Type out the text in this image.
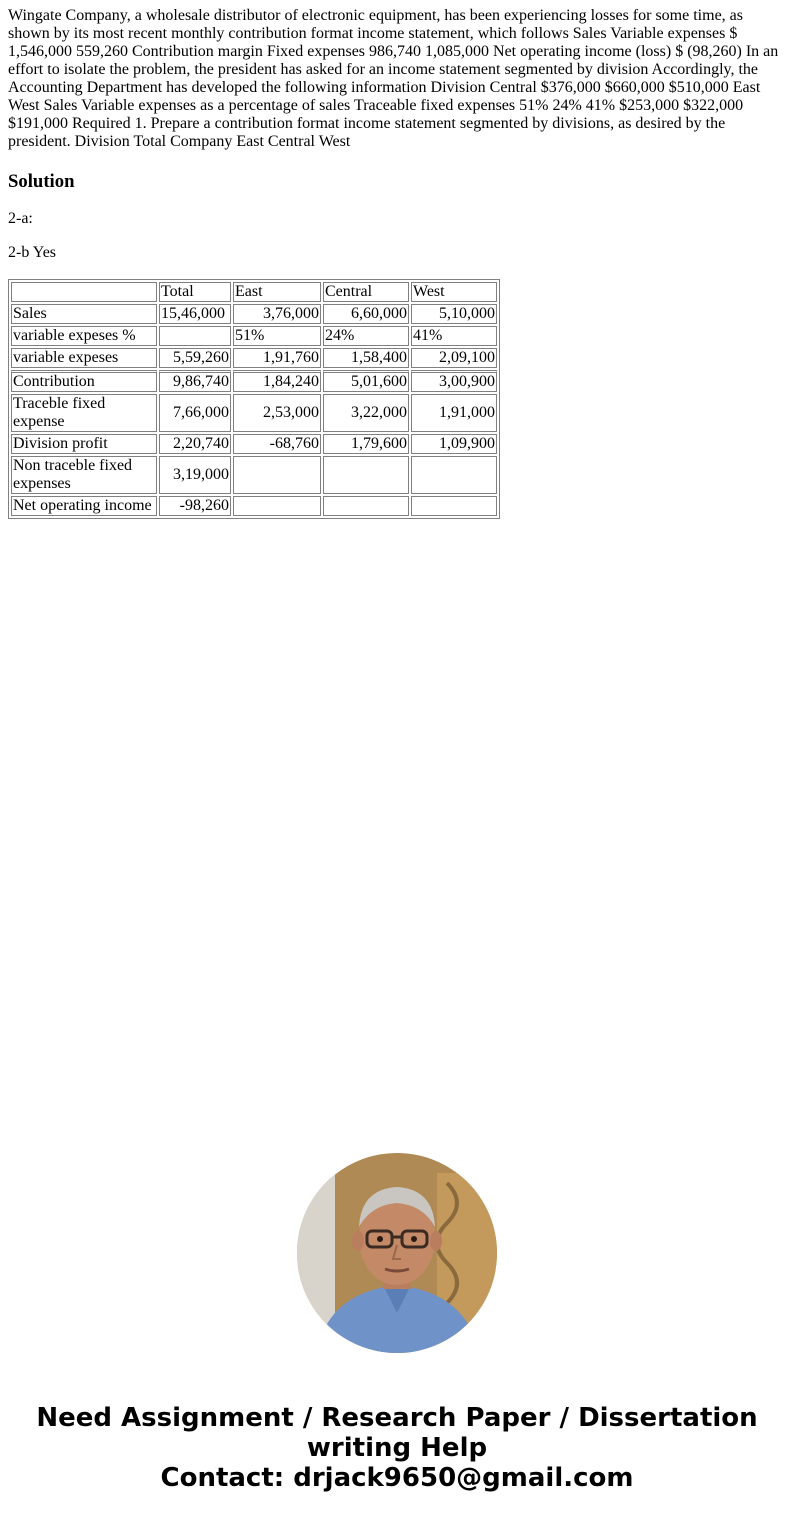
Wingate Company, a wholesale distributor of electronic equipment, has been experiencing losses for some time, as shown by its most recent monthly contribution format income statement, which follows Sales Variable expenses $ 1,546,000 559,260 Contribution margin Fixed expenses 986,740 1,085,000 Net operating income (loss) $ (98,260) In an effort to isolate the problem, the president has asked for an income statement segmented by division Accordingly, the Accounting Department has developed the following information Division Central $376,000 $660,000 $510,000 East West Sales Variable expenses as a percentage of sales Traceable fixed expenses 51% 24% 41% $253,000 $322,000 $191,000 Required 1. Prepare a contribution format income statement segmented by divisions, as desired by the president. Division Total Company East Central West

Solution

2-a:

2-b Yes

	Total	East	Central	West
Sales	15,46,000	3,76,000	6,60,000	5,10,000
variable expeses %		51%	24%	41%
variable expeses	5,59,260	1,91,760	1,58,400	2,09,100
Contribution	9,86,740	1,84,240	5,01,600	3,00,900
Traceble fixed expense	7,66,000	2,53,000	3,22,000	1,91,000
Division profit	2,20,740	-68,760	1,79,600	1,09,900
Non traceble fixed expenses	3,19,000			
Net operating income	-98,260			

Need Assignment / Research Paper / Dissertation
writing Help
Contact: drjack9650@gmail.com
